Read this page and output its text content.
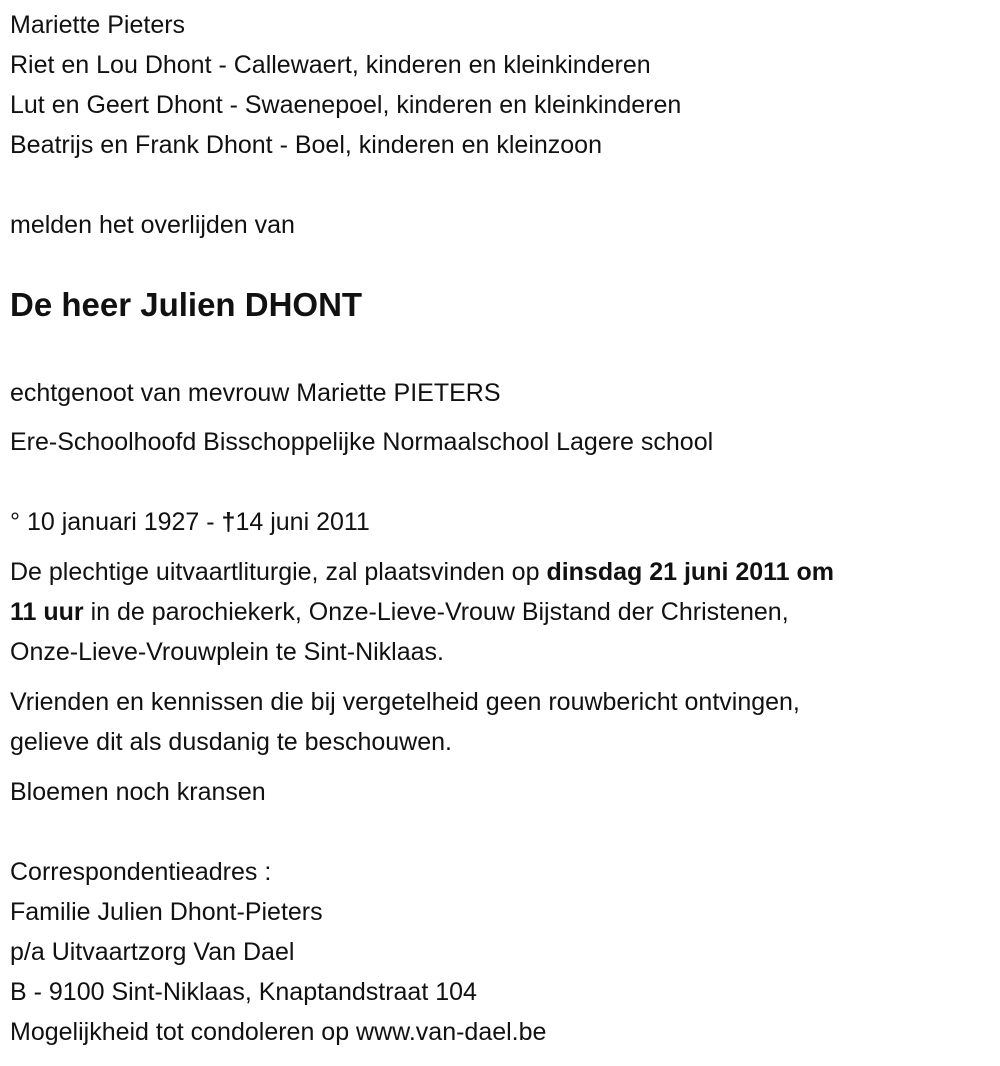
Mariette Pieters
Riet en Lou Dhont - Callewaert, kinderen en kleinkinderen
Lut en Geert Dhont - Swaenepoel, kinderen en kleinkinderen
Beatrijs en Frank Dhont - Boel, kinderen en kleinzoon
melden het overlijden van
De heer Julien DHONT
echtgenoot van mevrouw Mariette PIETERS
Ere-Schoolhoofd Bisschoppelijke Normaalschool Lagere school
° 10 januari 1927 - †14 juni 2011
De plechtige uitvaartliturgie, zal plaatsvinden op dinsdag 21 juni 2011 om
11 uur in de parochiekerk, Onze-Lieve-Vrouw Bijstand der Christenen,
Onze-Lieve-Vrouwplein te Sint-Niklaas.
Vrienden en kennissen die bij vergetelheid geen rouwbericht ontvingen,
gelieve dit als dusdanig te beschouwen.
Bloemen noch kransen
Correspondentieadres :
Familie Julien Dhont-Pieters
p/a Uitvaartzorg Van Dael
B - 9100 Sint-Niklaas, Knaptandstraat 104
Mogelijkheid tot condoleren op www.van-dael.be
